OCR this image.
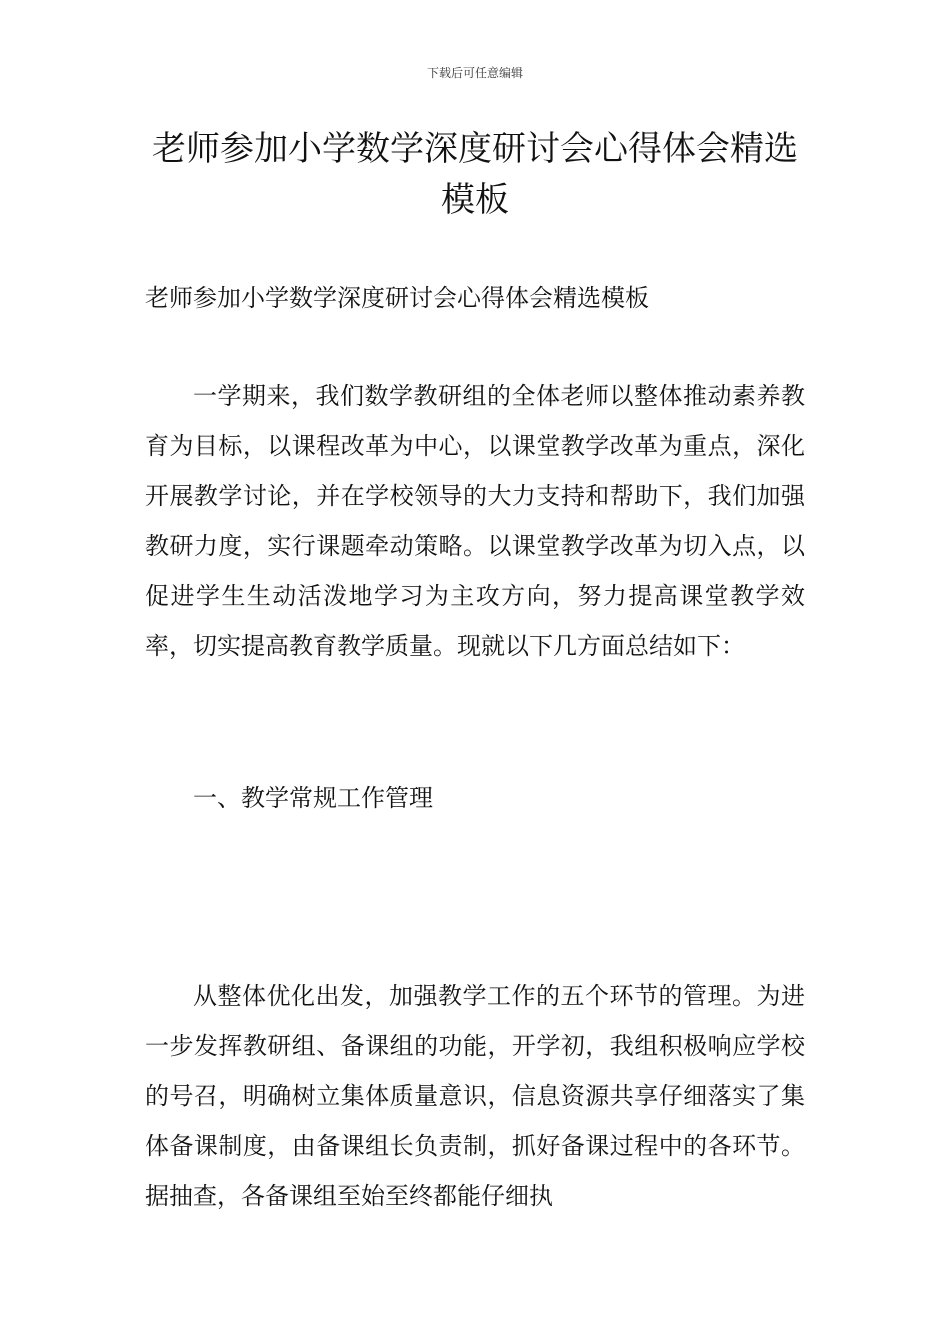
下载后可任意编辑
老师参加小学数学深度研讨会心得体会精选模板

老师参加小学数学深度研讨会心得体会精选模板

一学期来，我们数学教研组的全体老师以整体推动素养教育为目标，以课程改革为中心，以课堂教学改革为重点，深化开展教学讨论，并在学校领导的大力支持和帮助下，我们加强教研力度，实行课题牵动策略。以课堂教学改革为切入点，以促进学生生动活泼地学习为主攻方向，努力提高课堂教学效率，切实提高教育教学质量。现就以下几方面总结如下：

一、教学常规工作管理

从整体优化出发，加强教学工作的五个环节的管理。为进一步发挥教研组、备课组的功能，开学初，我组积极响应学校的号召，明确树立集体质量意识，信息资源共享仔细落实了集体备课制度，由备课组长负责制，抓好备课过程中的各环节。据抽查，各备课组至始至终都能仔细执
